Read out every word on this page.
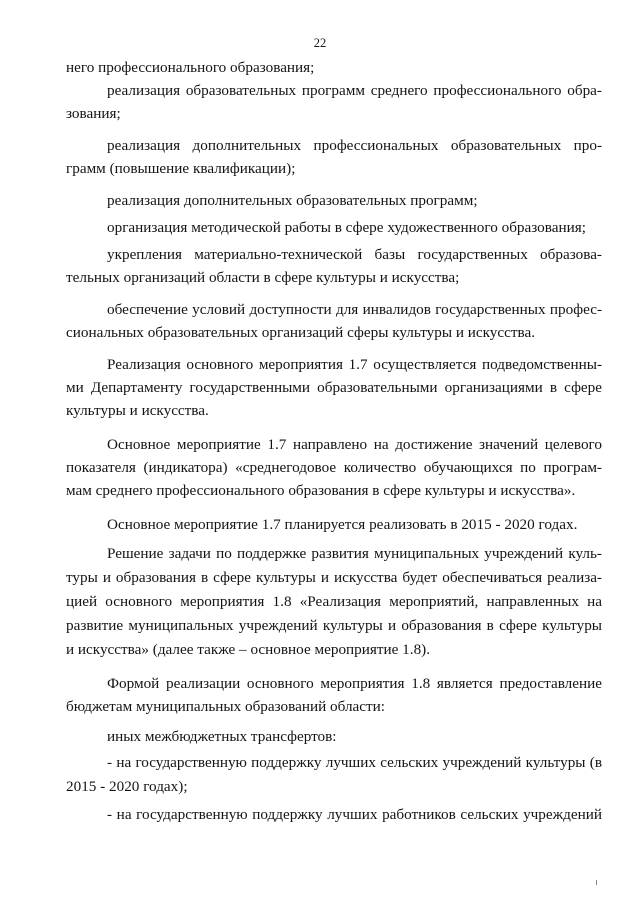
22
него профессионального образования;
реализация образовательных программ среднего профессионального обра-
зования;
реализация дополнительных профессиональных образовательных про-
грамм (повышение квалификации);
реализация дополнительных образовательных программ;
организация методической работы в сфере художественного образования;
укрепления материально-технической базы государственных образова-
тельных организаций области в сфере культуры и искусства;
обеспечение условий доступности для инвалидов государственных профес-
сиональных образовательных организаций сферы культуры и искусства.
Реализация основного мероприятия 1.7 осуществляется подведомственны-
ми Департаменту государственными образовательными организациями в сфере
культуры и искусства.
Основное мероприятие 1.7 направлено на достижение значений целевого
показателя (индикатора) «среднегодовое количество обучающихся по програм-
мам среднего профессионального образования в сфере культуры и искусства».
Основное мероприятие 1.7 планируется реализовать в 2015 - 2020 годах.
Решение задачи по поддержке развития муниципальных учреждений куль-
туры и образования в сфере культуры и искусства будет обеспечиваться реализа-
цией основного мероприятия 1.8 «Реализация мероприятий, направленных на
развитие муниципальных учреждений культуры и образования в сфере культуры
и искусства» (далее также – основное мероприятие 1.8).
Формой реализации основного мероприятия 1.8 является предоставление
бюджетам муниципальных образований области:
иных межбюджетных трансфертов:
- на государственную поддержку лучших сельских учреждений культуры (в
2015 - 2020 годах);
- на государственную поддержку лучших работников сельских учреждений
